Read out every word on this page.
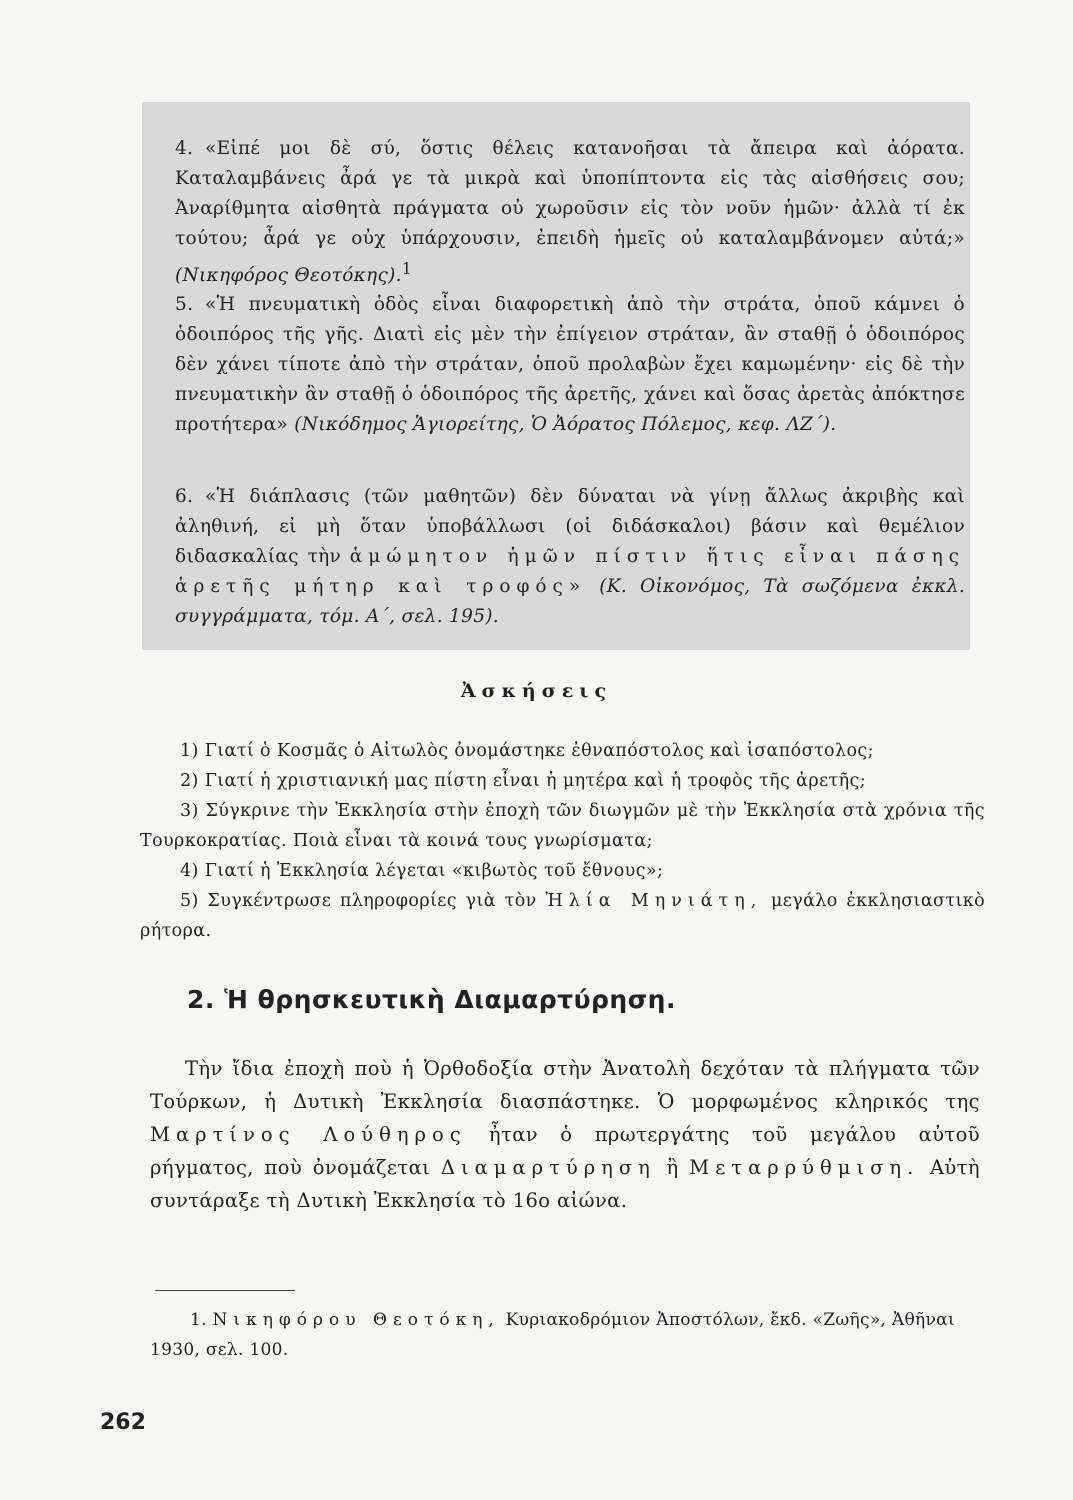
4. «Εἰπέ μοι δὲ σύ, ὅστις θέλεις κατανοῆσαι τὰ ἄπειρα καὶ ἀόρατα. Καταλαμβάνεις ἆρά γε τὰ μικρὰ καὶ ὑποπίπτοντα εἰς τὰς αἰσθήσεις σου; Ἀναρίθμητα αἰσθητὰ πράγματα οὐ χωροῦσιν εἰς τὸν νοῦν ἡμῶν· ἀλλὰ τί ἐκ τούτου; ἆρά γε οὐχ ὑπάρχουσιν, ἐπειδὴ ἡμεῖς οὐ καταλαμβάνομεν αὐτά;» (Νικηφόρος Θεοτόκης).$^1$
5. «Ἡ πνευματικὴ ὁδὸς εἶναι διαφορετικὴ ἀπὸ τὴν στράτα, ὁποῦ κάμνει ὁ ὁδοιπόρος τῆς γῆς. Διατὶ εἰς μὲν τὴν ἐπίγειον στράταν, ἂν σταθῇ ὁ ὁδοιπόρος δὲν χάνει τίποτε ἀπὸ τὴν στράταν, ὁποῦ προλαβὼν ἔχει καμωμένην· εἰς δὲ τὴν πνευματικὴν ἂν σταθῇ ὁ ὁδοιπόρος τῆς ἀρετῆς, χάνει καὶ ὅσας ἀρετὰς ἀπόκτησε προτήτερα» (Νικόδημος Ἁγιορείτης, Ὁ Ἀόρατος Πόλεμος, κεφ. ΛΖ΄).
6. «Ἡ διάπλασις (τῶν μαθητῶν) δὲν δύναται νὰ γίνῃ ἄλλως ἀκριβὴς καὶ ἀληθινή, εἰ μὴ ὅταν ὑποβάλλωσι (οἱ διδάσκαλοι) βάσιν καὶ θεμέλιον διδασκαλίας τὴν ἁμώμητον ἡμῶν πίστιν ἥτις εἶναι πάσης ἀρετῆς μήτηρ καὶ τροφός» (Κ. Οἰκονόμος, Τὰ σωζόμενα ἐκκλ. συγγράμματα, τόμ. Α΄, σελ. 195).
Ἀσκήσεις
1) Γιατί ὁ Κοσμᾶς ὁ Αἰτωλὸς ὀνομάστηκε ἐθναπόστολος καὶ ἰσαπόστολος;
2) Γιατί ἡ χριστιανική μας πίστη εἶναι ἡ μητέρα καὶ ἡ τροφὸς τῆς ἀρετῆς;
3) Σύγκρινε τὴν Ἐκκλησία στὴν ἐποχὴ τῶν διωγμῶν μὲ τὴν Ἐκκλησία στὰ χρόνια τῆς Τουρκοκρατίας. Ποιὰ εἶναι τὰ κοινά τους γνωρίσματα;
4) Γιατί ἡ Ἐκκλησία λέγεται «κιβωτὸς τοῦ ἔθνους»;
5) Συγκέντρωσε πληροφορίες γιὰ τὸν Ἠλία Μηνιάτη, μεγάλο ἐκκλησιαστικὸ ρήτορα.
2. Ἡ θρησκευτικὴ Διαμαρτύρηση.
Τὴν ἴδια ἐποχὴ ποὺ ἡ Ὀρθοδοξία στὴν Ἀνατολὴ δεχόταν τὰ πλήγματα τῶν Τούρκων, ἡ Δυτικὴ Ἐκκλησία διασπάστηκε. Ὁ μορφωμένος κληρικός της Μαρτίνος Λούθηρος ἦταν ὁ πρωτεργάτης τοῦ μεγάλου αὐτοῦ ρήγματος, ποὺ ὀνομάζεται Διαμαρτύρηση ἢ Μεταρρύθμιση. Αὐτὴ συντάραξε τὴ Δυτικὴ Ἐκκλησία τὸ 16ο αἰώνα.
1. Νικηφόρου Θεοτόκη, Κυριακοδρόμιον Ἀποστόλων, ἔκδ. «Ζωῆς», Ἀθῆναι 1930, σελ. 100.
262
